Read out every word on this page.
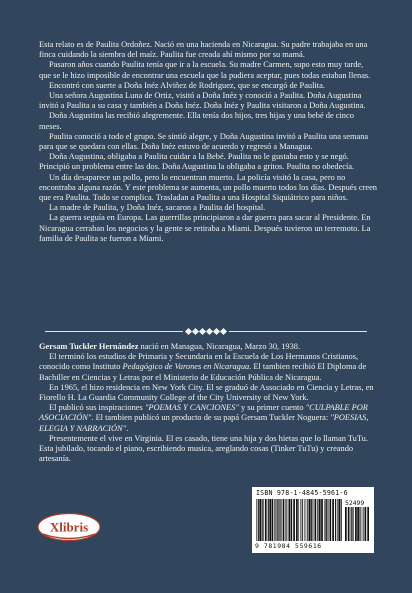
Esta relato es de Paulita Ordoñez. Nació en una hacienda en Nicaragua. Su padre trabajaba en una finca cuidando la siembra del maíz. Paulita fue creada ahí mismo por su mamá.

Pasaron años cuando Paulita tenía que ir a la escuela. Su madre Carmen, supo esto muy tarde, que se le hizo imposible de encontrar una escuela que la pudiera aceptar, pues todas estaban llenas.

Encontró con suerte a Doña Inéz Alviñez de Rodriguez, que se encargó de Paulita.

Una señora Augustina Luna de Ortiz, visitó a Doña Inéz y conoció a Paulita. Doña Augustina invitó a Paulita a su casa y también a Doña Inéz. Doña Inéz y Paulita visitaron a Doña Augustina.

Doña Augustina las recibió alegremente. Ella tenía dos hijos, tres hijas y una bebé de cinco meses.

Paulita conoció a todo el grupo. Se sintió alegre, y Doña Augustina invitó a Paulita una semana para que se quedara con ellas. Doña Inéz estuvo de acuerdo y regresó a Managua.

Doña Augustina, obligaba a Paulita cuidar a la Bebé. Paulita no le gustaba esto y se negó. Principió un problema entre las dos. Doña Augustina la obligaba a gritos. Paulita no obedecía.

Un día desaparece un pollo, pero lo encuentran muerto. La policía visitó la casa, pero no encontraba alguna razón. Y este problema se aumenta, un pollo muerto todos los días. Después creen que era Paulita. Todo se complica. Trasladan a Paulita a una Hospital Siquiátrico para niños.

La madre de Paulita, y Doña Inéz, sacaron a Paulita del hospital.

La guerra seguía en Europa. Las guerrillas principiaron a dar guerra para sacar al Presidente. En Nicaragua cerraban los negocios y la gente se retiraba a Miami. Después tuvieron un terremoto. La familia de Paulita se fueron a Miami.

Gersam Tuckler Hernández nació en Managua, Nicaragua, Marzo 30, 1938.

El terminó los estudios de Primaria y Secundaria en la Escuela de Los Hermanos Cristianos, conocido como Instituto Pedagógico de Varones en Nicaragua. El tambien recibió El Diploma de Bachiller en Ciencias y Letras por el Ministerio de Educación Pública de Nicaragua.

En 1965, el hizo residencia en New York City. El se graduó de Associado en Ciencia y Letras, en Fiorello H. La Guardia Community College of the City University of New York.

El publicó sus inspiraciones "POEMAS Y CANCIONES" y su primer cuento "CULPABLE POR ASOCIACIÓN". El tambien publicó un producto de su papá Gersam Tuckler Noguera: "POESIAS, ELEGIA Y NARRACIÓN".

Presentemente el vive en Virginia. El es casado, tiene una hija y dos hietas que lo llaman TuTu. Esta jubilado, tocando el piano, escribiendo musica, areglando cosas (Tinker TuTu) y creando artesanía.

Xlibris
ISBN 978-1-4845-5961-6
52499
9 781984 559616
